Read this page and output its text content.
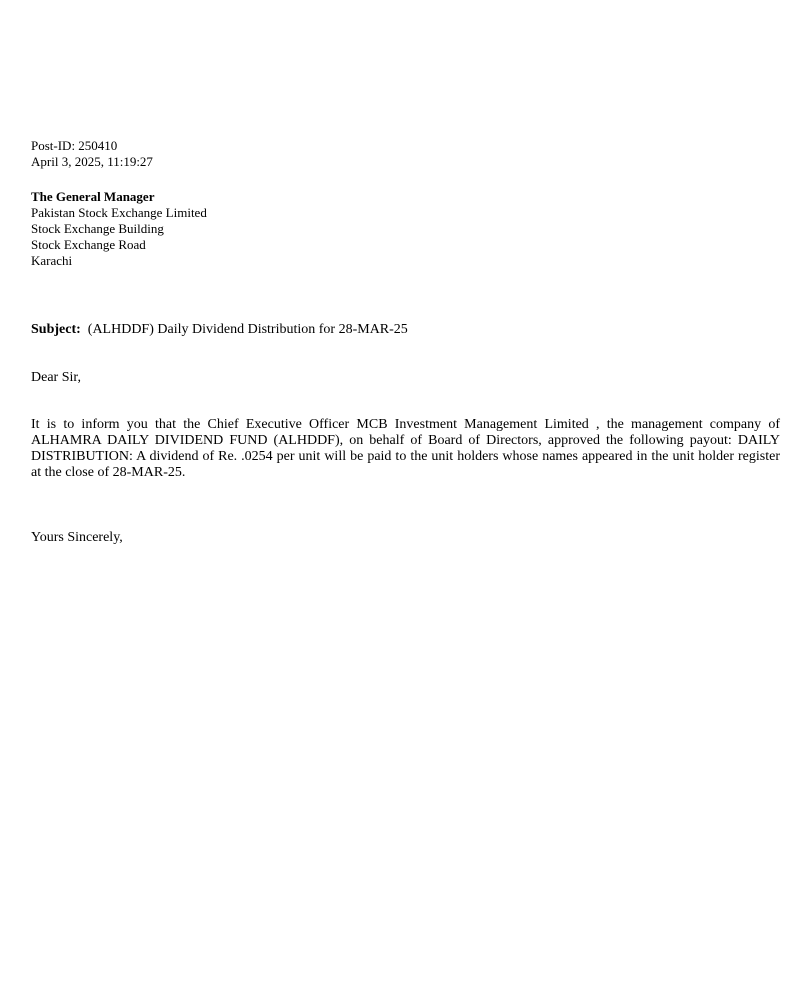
Post-ID: 250410
April 3, 2025, 11:19:27
The General Manager
Pakistan Stock Exchange Limited
Stock Exchange Building
Stock Exchange Road
Karachi
Subject: (ALHDDF) Daily Dividend Distribution for 28-MAR-25
Dear Sir,
It is to inform you that the Chief Executive Officer MCB Investment Management Limited , the management company of ALHAMRA DAILY DIVIDEND FUND (ALHDDF), on behalf of Board of Directors, approved the following payout: DAILY DISTRIBUTION: A dividend of Re. .0254 per unit will be paid to the unit holders whose names appeared in the unit holder register at the close of 28-MAR-25.
Yours Sincerely,
